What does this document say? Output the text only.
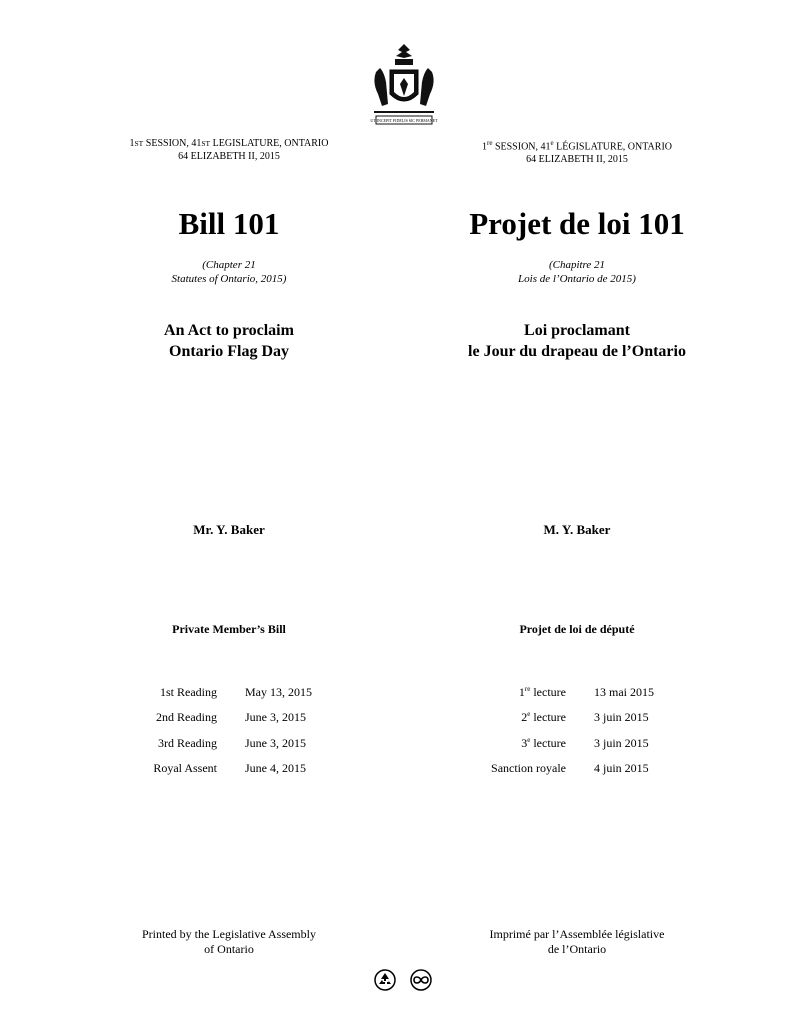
UT INCEPIT FIDELIS SIC PERMANET
1ST SESSION, 41ST LEGISLATURE, ONTARIO
64 ELIZABETH II, 2015
1re SESSION, 41e LÉGISLATURE, ONTARIO
64 ELIZABETH II, 2015
Bill 101	Projet de loi 101
(Chapter 21
Statutes of Ontario, 2015)
(Chapitre 21
Lois de l’Ontario de 2015)
An Act to proclaim
Ontario Flag Day
Loi proclamant
le Jour du drapeau de l’Ontario
Mr. Y. Baker	M. Y. Baker
Private Member’s Bill	Projet de loi de député
1st Reading May 13, 2015
2nd Reading June 3, 2015
3rd Reading June 3, 2015
Royal Assent June 4, 2015
1re lecture 13 mai 2015
2e lecture 3 juin 2015
3e lecture 3 juin 2015
Sanction royale 4 juin 2015
Printed by the Legislative Assembly
of Ontario
Imprimé par l’Assemblée législative
de l’Ontario
